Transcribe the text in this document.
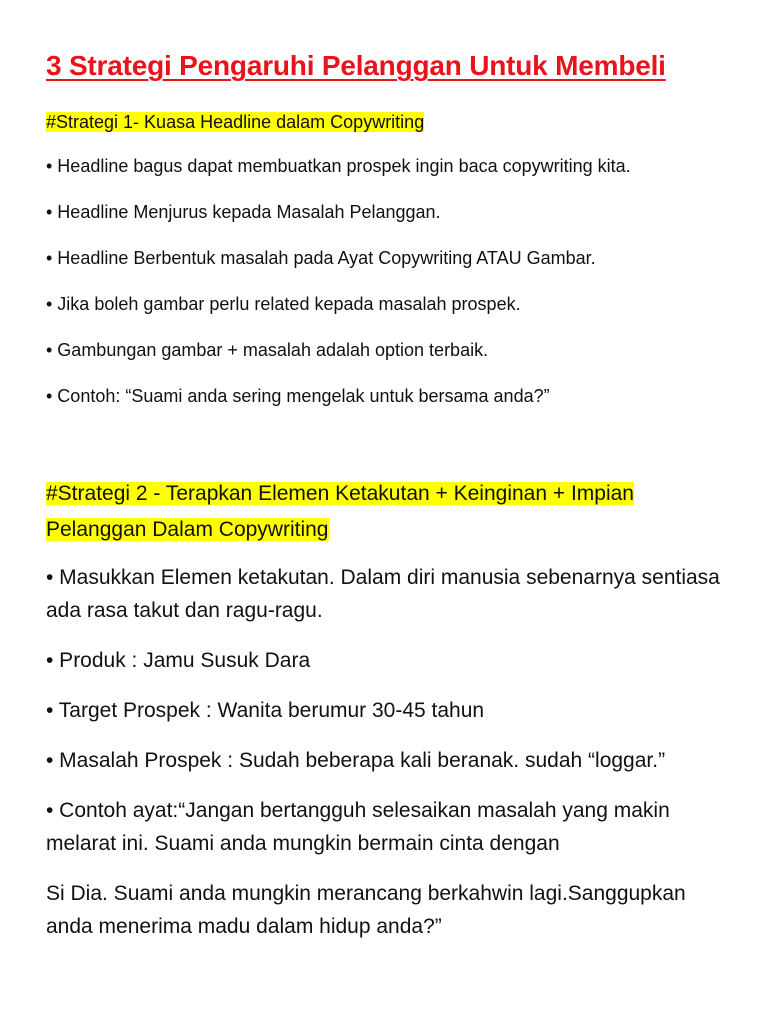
3 Strategi Pengaruhi Pelanggan Untuk Membeli
#Strategi 1- Kuasa Headline dalam Copywriting
• Headline bagus dapat membuatkan prospek ingin baca copywriting kita.
• Headline Menjurus kepada Masalah Pelanggan.
• Headline Berbentuk masalah pada Ayat Copywriting ATAU Gambar.
• Jika boleh gambar perlu related kepada masalah prospek.
• Gambungan gambar + masalah adalah option terbaik.
• Contoh: “Suami anda sering mengelak untuk bersama anda?”
#Strategi 2 - Terapkan Elemen Ketakutan + Keinginan + Impian Pelanggan Dalam Copywriting
• Masukkan Elemen ketakutan. Dalam diri manusia sebenarnya sentiasa ada rasa takut dan ragu-ragu.
• Produk : Jamu Susuk Dara
• Target Prospek : Wanita berumur 30-45 tahun
• Masalah Prospek : Sudah beberapa kali beranak. sudah “loggar.”
• Contoh ayat:“Jangan bertangguh selesaikan masalah yang makin melarat ini. Suami anda mungkin bermain cinta dengan
Si Dia. Suami anda mungkin merancang berkahwin lagi.Sanggupkan anda menerima madu dalam hidup anda?”
